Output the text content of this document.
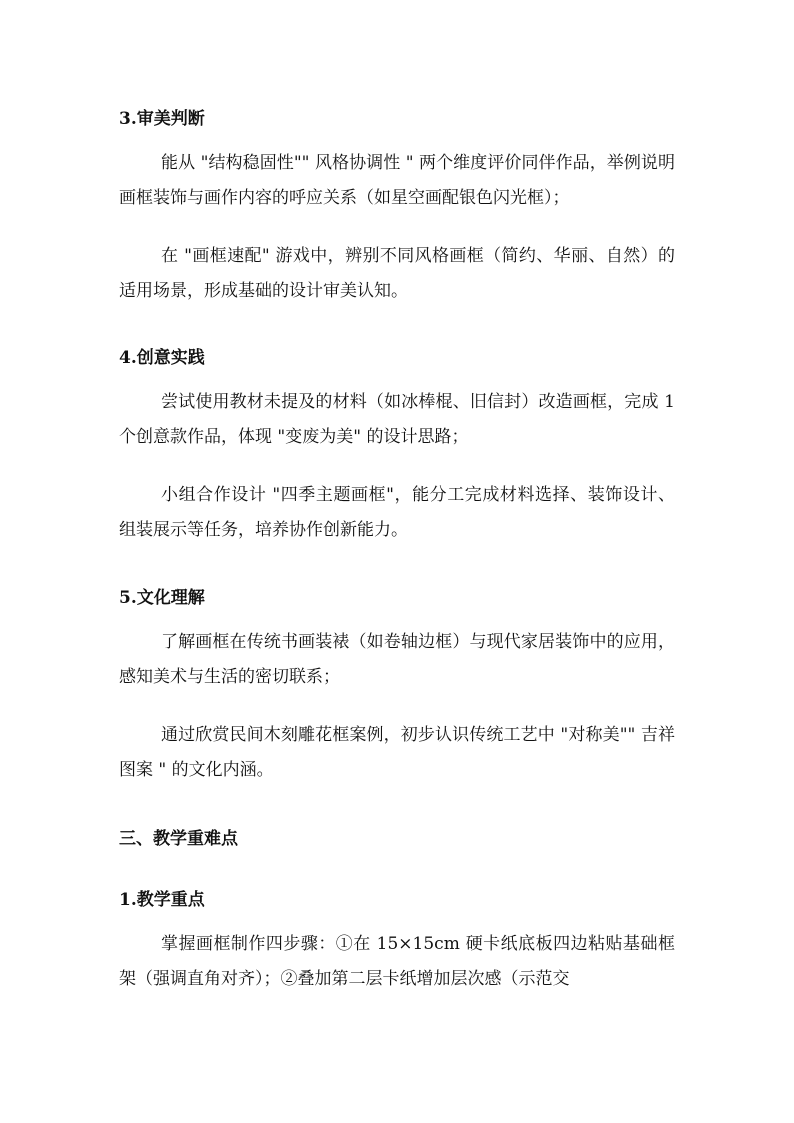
3.审美判断
能从 "结构稳固性"" 风格协调性 " 两个维度评价同伴作品，举例说明画框装饰与画作内容的呼应关系（如星空画配银色闪光框）；
在 "画框速配" 游戏中，辨别不同风格画框（简约、华丽、自然）的适用场景，形成基础的设计审美认知。
4.创意实践
尝试使用教材未提及的材料（如冰棒棍、旧信封）改造画框，完成 1 个创意款作品，体现 "变废为美" 的设计思路；
小组合作设计 "四季主题画框"，能分工完成材料选择、装饰设计、组装展示等任务，培养协作创新能力。
5.文化理解
了解画框在传统书画装裱（如卷轴边框）与现代家居装饰中的应用，感知美术与生活的密切联系；
通过欣赏民间木刻雕花框案例，初步认识传统工艺中 "对称美"" 吉祥图案 " 的文化内涵。
三、教学重难点
1.教学重点
掌握画框制作四步骤：①在 15×15cm 硬卡纸底板四边粘贴基础框架（强调直角对齐）；②叠加第二层卡纸增加层次感（示范交
